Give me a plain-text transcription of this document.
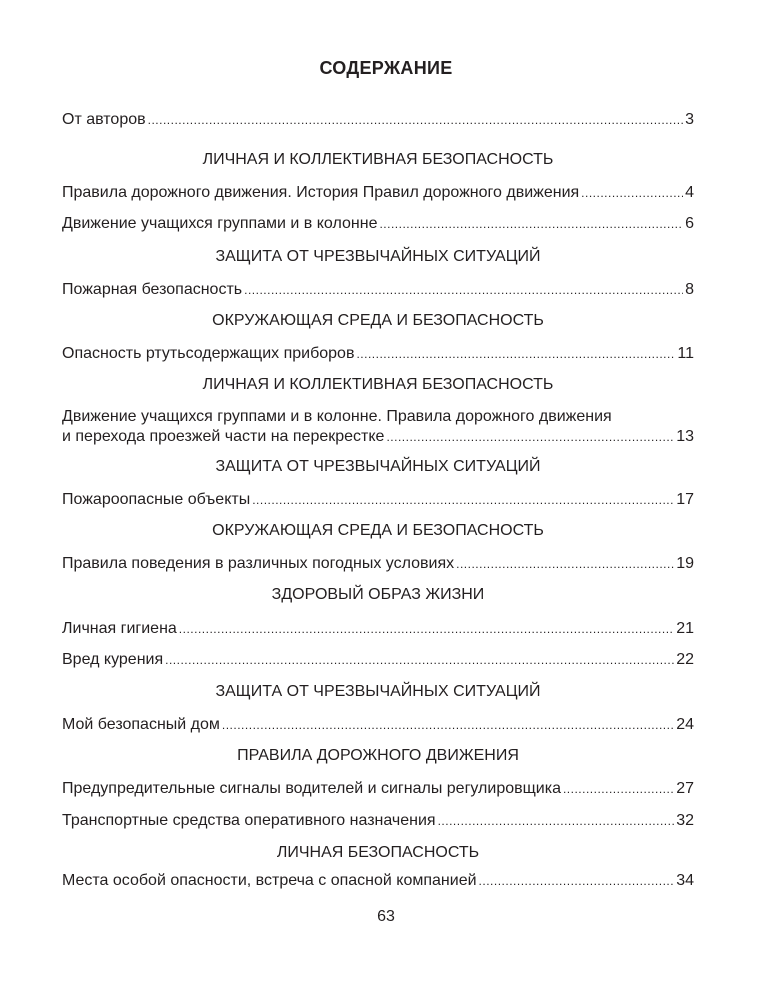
СОДЕРЖАНИЕ
От авторов .....	3
ЛИЧНАЯ И КОЛЛЕКТИВНАЯ БЕЗОПАСНОСТЬ
Правила дорожного движения. История Правил дорожного движения .....	4
Движение учащихся группами и в колонне .....	6
ЗАЩИТА ОТ ЧРЕЗВЫЧАЙНЫХ СИТУАЦИЙ
Пожарная безопасность .....	8
ОКРУЖАЮЩАЯ СРЕДА И БЕЗОПАСНОСТЬ
Опасность ртутьсодержащих приборов .....	11
ЛИЧНАЯ И КОЛЛЕКТИВНАЯ БЕЗОПАСНОСТЬ
Движение учащихся группами и в колонне. Правила дорожного движения
и перехода проезжей части на перекрестке .....	13
ЗАЩИТА ОТ ЧРЕЗВЫЧАЙНЫХ СИТУАЦИЙ
Пожароопасные объекты .....	17
ОКРУЖАЮЩАЯ СРЕДА И БЕЗОПАСНОСТЬ
Правила поведения в различных погодных условиях .....	19
ЗДОРОВЫЙ ОБРАЗ ЖИЗНИ
Личная гигиена .....	21
Вред курения .....	22
ЗАЩИТА ОТ ЧРЕЗВЫЧАЙНЫХ СИТУАЦИЙ
Мой безопасный дом .....	24
ПРАВИЛА ДОРОЖНОГО ДВИЖЕНИЯ
Предупредительные сигналы водителей и сигналы регулировщика .....	27
Транспортные средства оперативного назначения .....	32
ЛИЧНАЯ БЕЗОПАСНОСТЬ
Места особой опасности, встреча с опасной компанией .....	34
63
